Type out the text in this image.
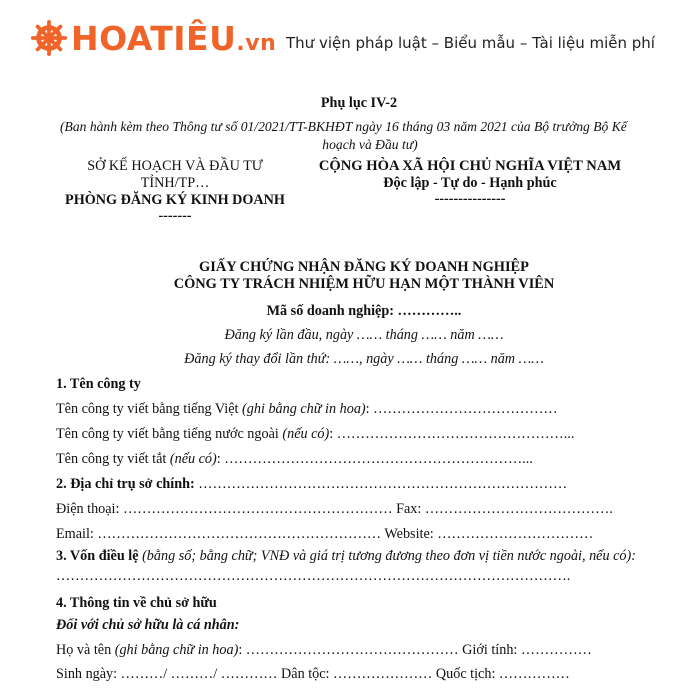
HOATIÊU.vn Thư viện pháp luật – Biểu mẫu – Tài liệu miễn phí
Phụ lục IV-2
(Ban hành kèm theo Thông tư số 01/2021/TT-BKHĐT ngày 16 tháng 03 năm 2021 của Bộ trưởng Bộ Kế
hoạch và Đầu tư)
SỞ KẾ HOẠCH VÀ ĐẦU TƯ
TỈNH/TP…
PHÒNG ĐĂNG KÝ KINH DOANH
-------
CỘNG HÒA XÃ HỘI CHỦ NGHĨA VIỆT NAM
Độc lập - Tự do - Hạnh phúc
---------------
GIẤY CHỨNG NHẬN ĐĂNG KÝ DOANH NGHIỆP
CÔNG TY TRÁCH NHIỆM HỮU HẠN MỘT THÀNH VIÊN
Mã số doanh nghiệp: …………..
Đăng ký lần đầu, ngày …… tháng …… năm ……
Đăng ký thay đổi lần thứ: ……, ngày …… tháng …… năm ……
1. Tên công ty
Tên công ty viết bằng tiếng Việt (ghi bằng chữ in hoa): …………………………………
Tên công ty viết bằng tiếng nước ngoài (nếu có): …………………………………………...
Tên công ty viết tắt (nếu có): ………………………………………………………...
2. Địa chỉ trụ sở chính: ……………………………………………………………………
Điện thoại: ………………………………………………… Fax: ………………………………….
Email: …………………………………………………… Website: ……………………………
3. Vốn điều lệ (bằng số; bằng chữ; VNĐ và giá trị tương đương theo đơn vị tiền nước ngoài, nếu có):
……………………………………………………………………………………………….
4. Thông tin về chủ sở hữu
Đối với chủ sở hữu là cá nhân:
Họ và tên (ghi bằng chữ in hoa): ……………………………………… Giới tính: ……………
Sinh ngày: ………/ ………/ ………… Dân tộc: ………………… Quốc tịch: ……………
